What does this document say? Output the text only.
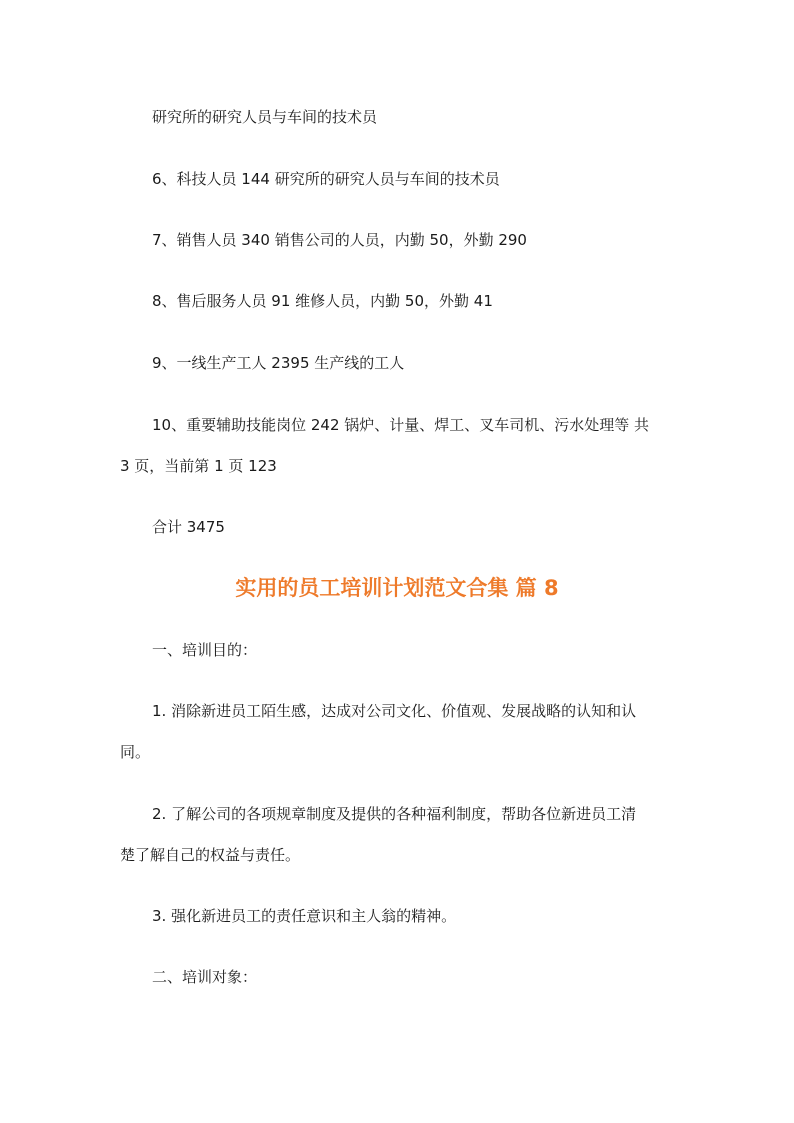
研究所的研究人员与车间的技术员

6、科技人员 144 研究所的研究人员与车间的技术员

7、销售人员 340 销售公司的人员，内勤 50，外勤 290

8、售后服务人员 91 维修人员，内勤 50，外勤 41

9、一线生产工人 2395 生产线的工人

10、重要辅助技能岗位 242 锅炉、计量、焊工、叉车司机、污水处理等 共

3 页，当前第 1 页 123

合计 3475

实用的员工培训计划范文合集 篇 8

一、培训目的：

1. 消除新进员工陌生感，达成对公司文化、价值观、发展战略的认知和认

同。

2. 了解公司的各项规章制度及提供的各种福利制度，帮助各位新进员工清

楚了解自己的权益与责任。

3. 强化新进员工的责任意识和主人翁的精神。

二、培训对象：
